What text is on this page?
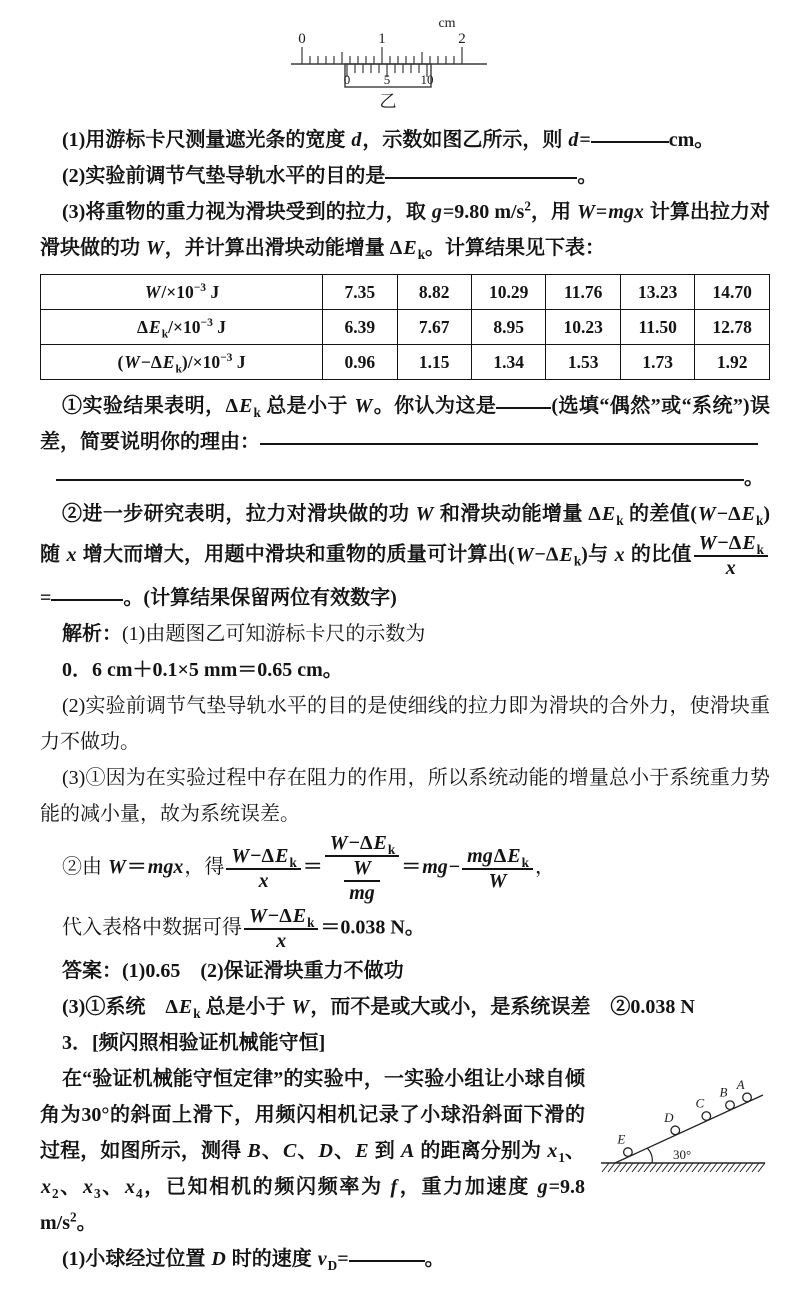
cm
0	1	2
0	5 10
乙
(1)用游标卡尺测量遮光条的宽度 d，示数如图乙所示，则 d=	cm。
(2)实验前调节气垫导轨水平的目的是	。
(3)将重物的重力视为滑块受到的拉力，取 g=9.80 $m/s^2$，用 W=mgx 计算出拉力对滑块做的功 W，并计算出滑块动能增量 $\Delta E_k$。计算结果见下表：
$W/\times 10^{-3}$ J	7.35	8.82	10.29	11.76	13.23	14.70
$\Delta E_k/\times 10^{-3}$ J	6.39	7.67	8.95	10.23	11.50	12.78
$(W-\Delta E_k)/\times 10^{-3}$ J	0.96	1.15	1.34	1.53	1.73	1.92
①实验结果表明，$\Delta E_k$ 总是小于 W。你认为这是	(选填“偶然”或“系统”)误差，简要说明你的理由：
。
②进一步研究表明，拉力对滑块做的功 W 和滑块动能增量 $\Delta E_k$ 的差值$(W-\Delta E_k)$随 x 增大而增大，用题中滑块和重物的质量可计算出$(W-\Delta E_k)$与 x 的比值 $\frac{W-\Delta E_k}{x}$
=	。(计算结果保留两位有效数字)
解析：(1)由题图乙可知游标卡尺的示数为
0．6 cm＋0.1×5 mm＝0.65 cm。
(2)实验前调节气垫导轨水平的目的是使细线的拉力即为滑块的合外力，使滑块重力不做功。
(3)①因为在实验过程中存在阻力的作用，所以系统动能的增量总小于系统重力势能的减小量，故为系统误差。
②由 W＝mgx，得 $\frac{W-\Delta E_k}{x} = \frac{W-\Delta E_k}{\frac{W}{mg}} =mg- \frac{mg\Delta E_k}{W}$ ，
代入表格中数据可得 $\frac{W-\Delta E_k}{x} =0.038$ N。
答案：(1)0.65　(2)保证滑块重力不做功
(3)①系统　$\Delta E_k$ 总是小于 W，而不是或大或小，是系统误差　②0.038 N
3．[频闪照相验证机械能守恒]
30°
E
D
C
B
A
在“验证机械能守恒定律”的实验中，一实验小组让小球自倾角为30°的斜面上滑下，用频闪相机记录了小球沿斜面下滑的过程，如图所示，测得 B、C、D、E 到 A 的距离分别为 $x_1$、$x_2$、$x_3$、$x_4$，已知相机的频闪频率为 f，重力加速度 g=9.8 $m/s^2$。
(1)小球经过位置 D 时的速度 $v_D=$	。
